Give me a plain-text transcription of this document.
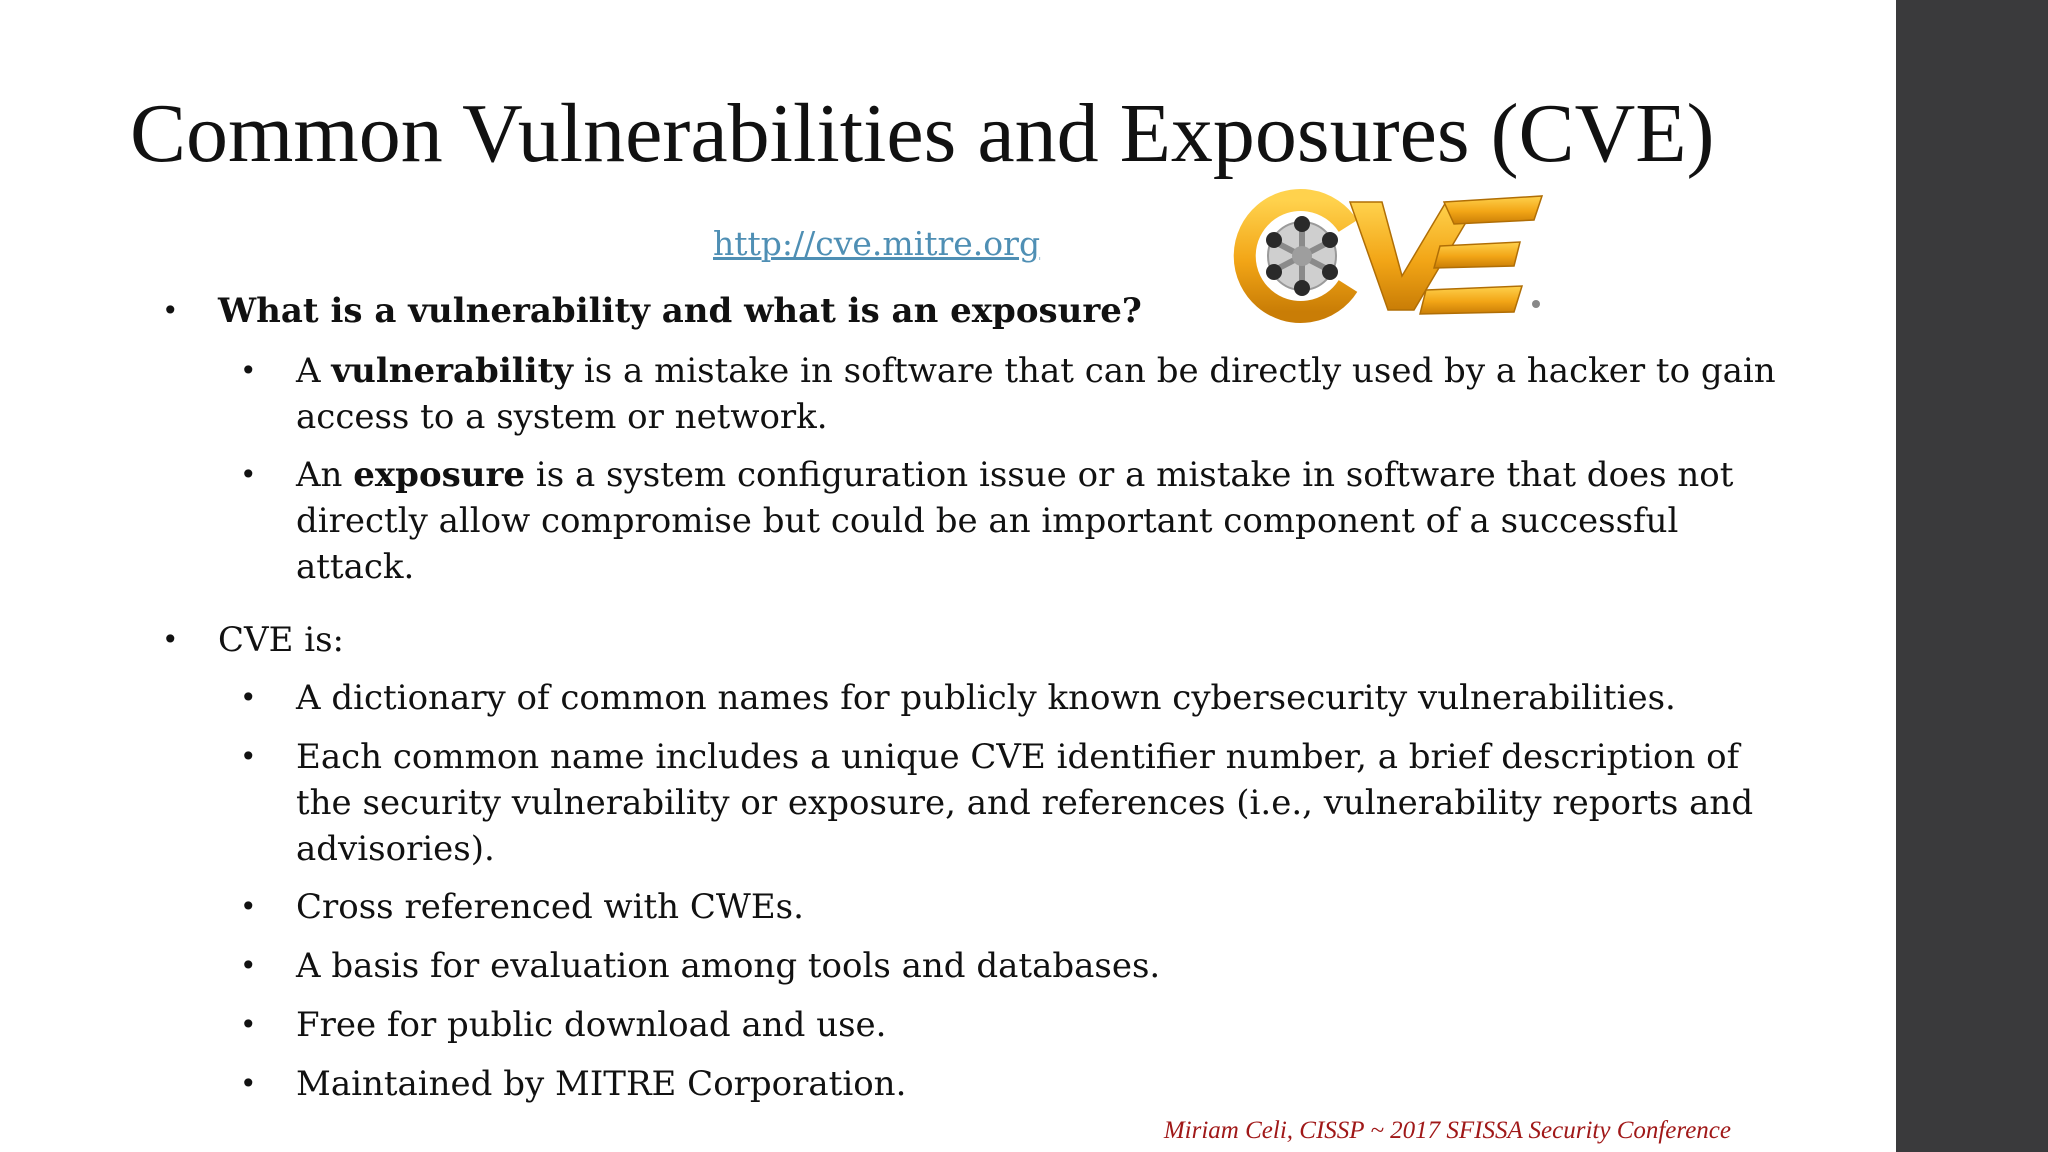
Common Vulnerabilities and Exposures (CVE)
http://cve.mitre.org
• What is a vulnerability and what is an exposure?
• A vulnerability is a mistake in software that can be directly used by a hacker to gain access to a system or network.
• An exposure is a system configuration issue or a mistake in software that does not directly allow compromise but could be an important component of a successful attack.
• CVE is:
• A dictionary of common names for publicly known cybersecurity vulnerabilities.
• Each common name includes a unique CVE identifier number, a brief description of the security vulnerability or exposure, and references (i.e., vulnerability reports and advisories).
• Cross referenced with CWEs.
• A basis for evaluation among tools and databases.
• Free for public download and use.
• Maintained by MITRE Corporation.
Miriam Celi, CISSP ~ 2017 SFISSA Security Conference
